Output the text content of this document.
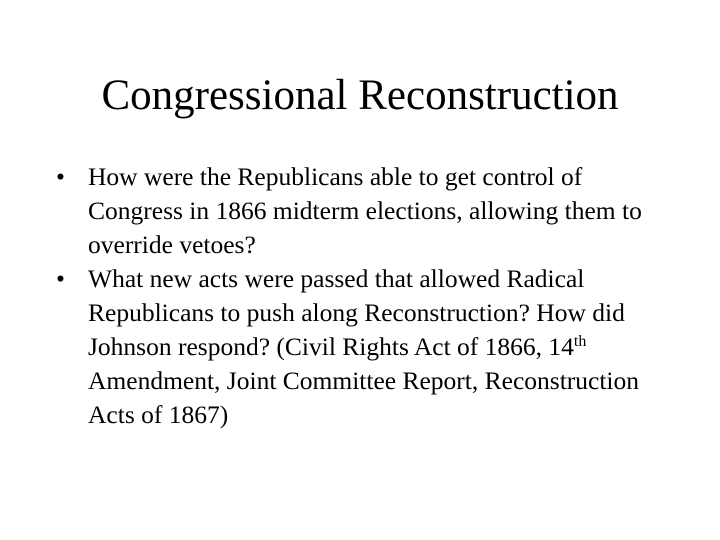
Congressional Reconstruction
• How were the Republicans able to get control of Congress in 1866 midterm elections, allowing them to override vetoes?
• What new acts were passed that allowed Radical Republicans to push along Reconstruction? How did Johnson respond? (Civil Rights Act of 1866, 14th Amendment, Joint Committee Report, Reconstruction Acts of 1867)
